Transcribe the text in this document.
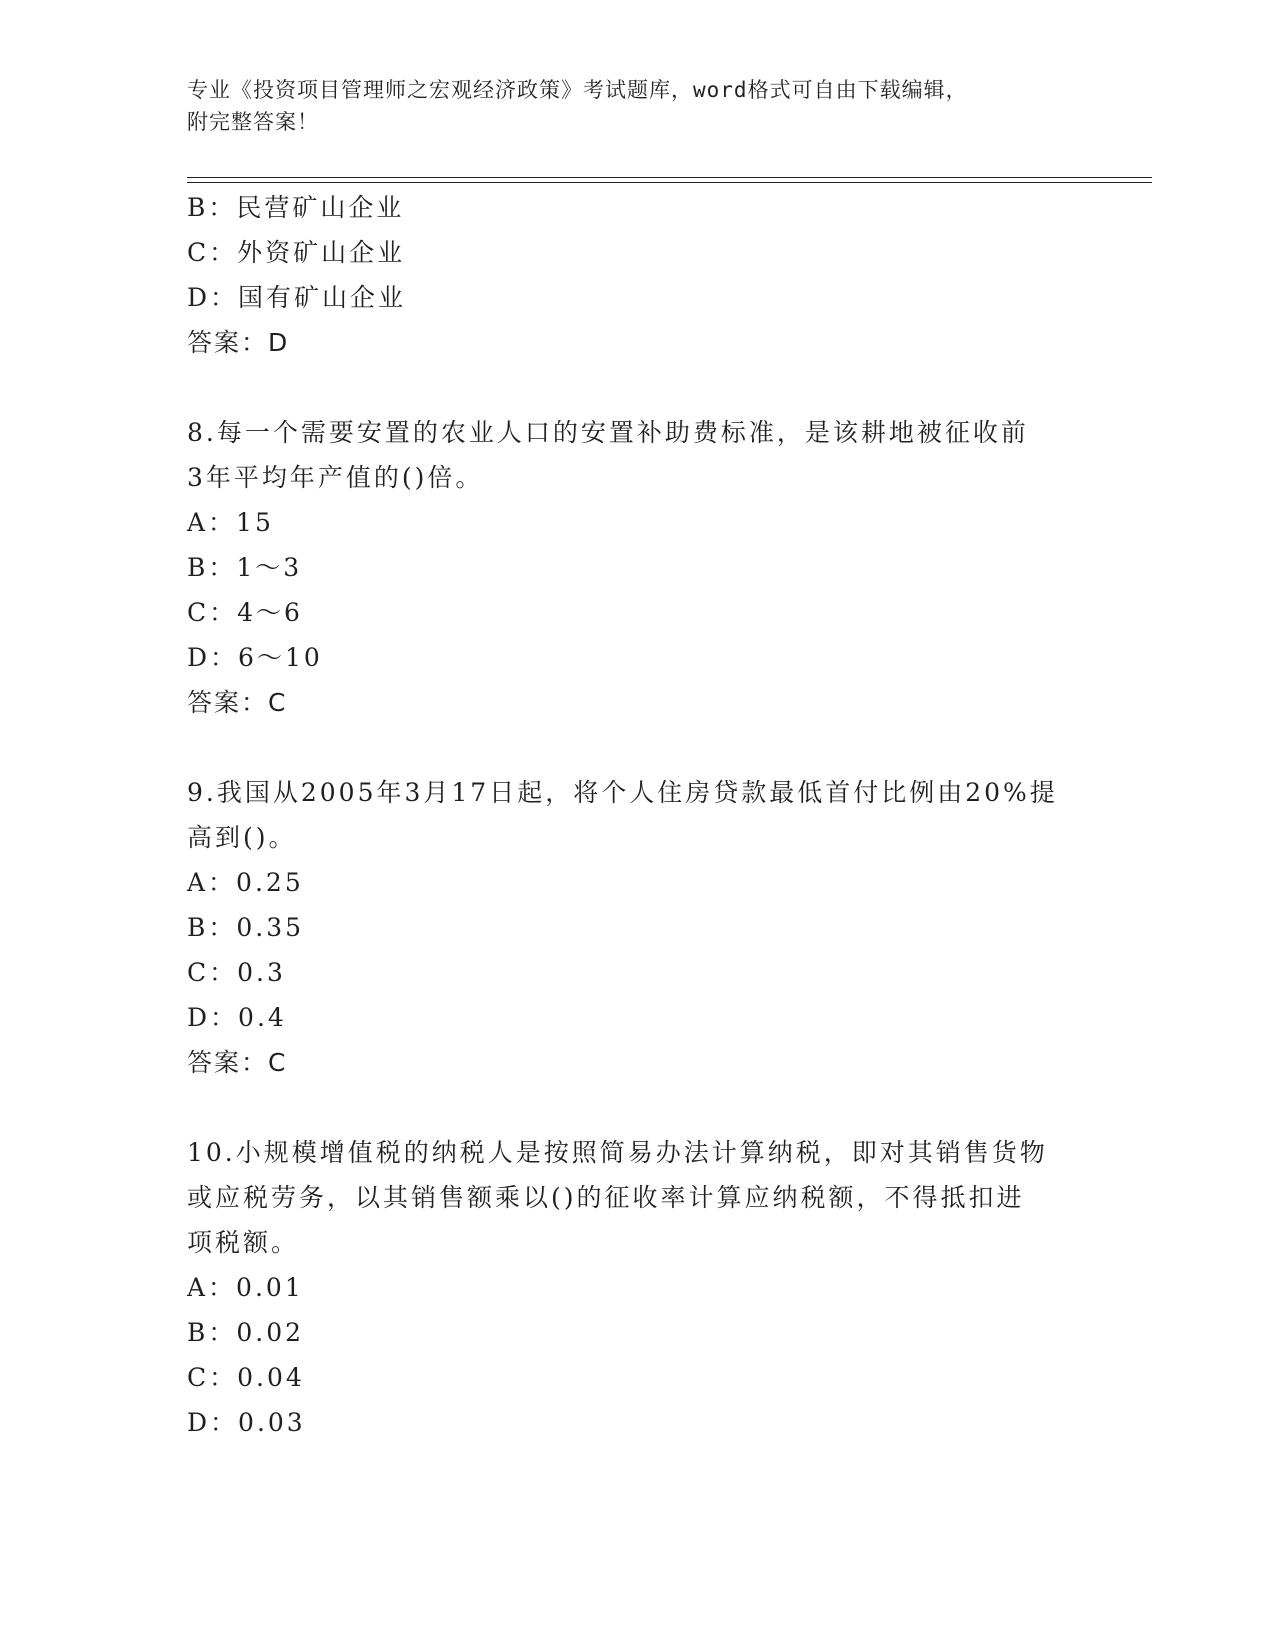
专业《投资项目管理师之宏观经济政策》考试题库，word格式可自由下载编辑，
附完整答案！
B：民营矿山企业
C：外资矿山企业
D：国有矿山企业
答案：D
8.每一个需要安置的农业人口的安置补助费标准，是该耕地被征收前
3年平均年产值的()倍。
A：15
B：1～3
C：4～6
D：6～10
答案：C
9.我国从2005年3月17日起，将个人住房贷款最低首付比例由20%提
高到()。
A：0.25
B：0.35
C：0.3
D：0.4
答案：C
10.小规模增值税的纳税人是按照简易办法计算纳税，即对其销售货物
或应税劳务，以其销售额乘以()的征收率计算应纳税额，不得抵扣进
项税额。
A：0.01
B：0.02
C：0.04
D：0.03
